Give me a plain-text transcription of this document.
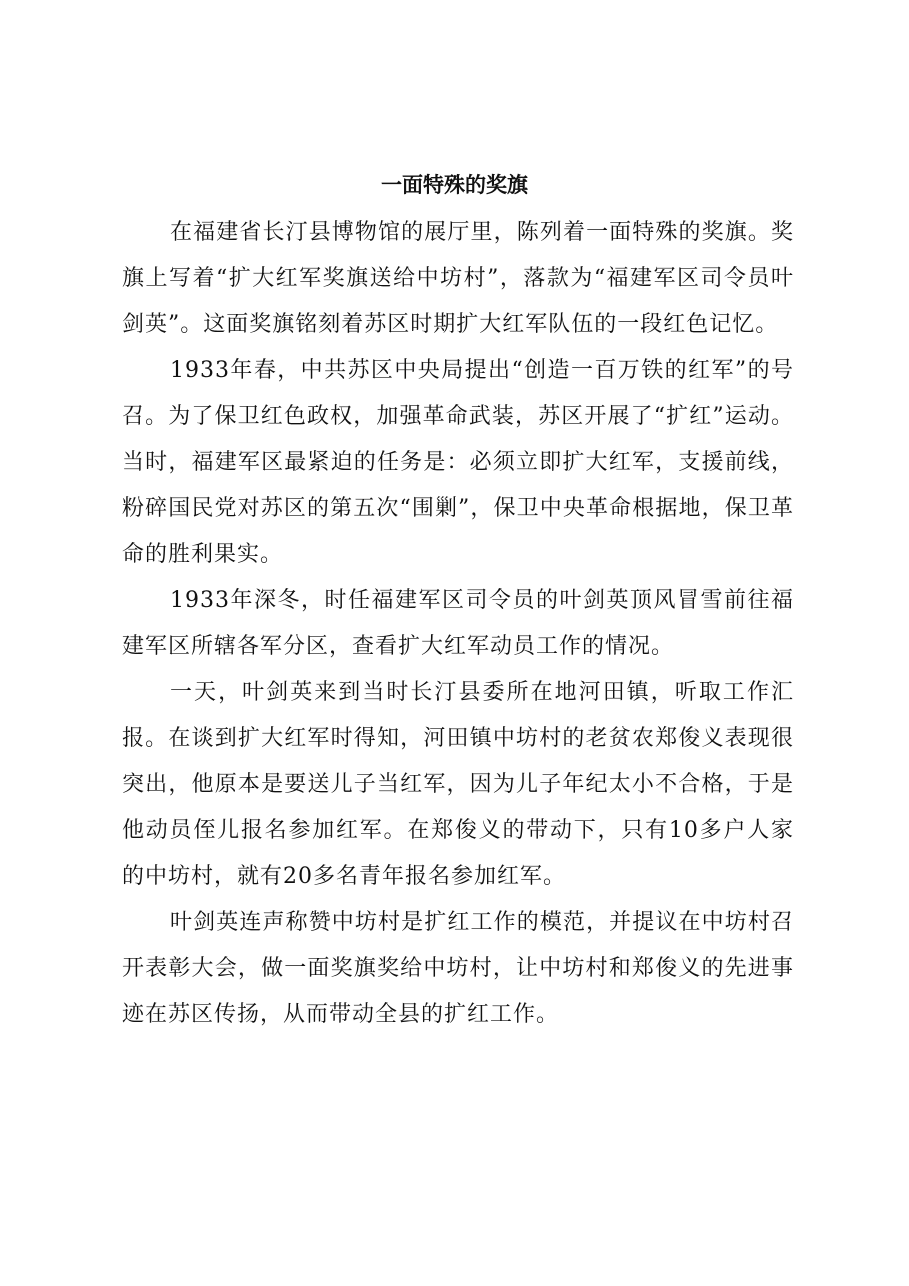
一面特殊的奖旗

在福建省长汀县博物馆的展厅里，陈列着一面特殊的奖旗。奖旗上写着“扩大红军奖旗送给中坊村”，落款为“福建军区司令员叶剑英”。这面奖旗铭刻着苏区时期扩大红军队伍的一段红色记忆。

1933年春，中共苏区中央局提出“创造一百万铁的红军”的号召。为了保卫红色政权，加强革命武装，苏区开展了“扩红”运动。当时，福建军区最紧迫的任务是：必须立即扩大红军，支援前线，粉碎国民党对苏区的第五次“围剿”，保卫中央革命根据地，保卫革命的胜利果实。

1933年深冬，时任福建军区司令员的叶剑英顶风冒雪前往福建军区所辖各军分区，查看扩大红军动员工作的情况。

一天，叶剑英来到当时长汀县委所在地河田镇，听取工作汇报。在谈到扩大红军时得知，河田镇中坊村的老贫农郑俊义表现很突出，他原本是要送儿子当红军，因为儿子年纪太小不合格，于是他动员侄儿报名参加红军。在郑俊义的带动下，只有10多户人家的中坊村，就有20多名青年报名参加红军。

叶剑英连声称赞中坊村是扩红工作的模范，并提议在中坊村召开表彰大会，做一面奖旗奖给中坊村，让中坊村和郑俊义的先进事迹在苏区传扬，从而带动全县的扩红工作。
